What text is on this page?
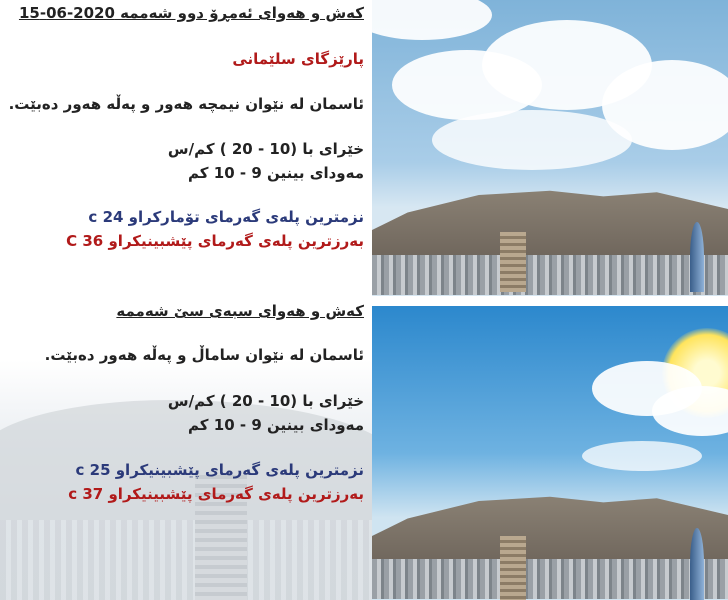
کەش و هەوای ئەمڕۆ دوو شەممە 2020-06-15
پارێزگای سلێمانی
ئاسمان لە نێوان نیمچە هەور و پەڵە هەور دەبێت.
خێرای با (10 - 20 ) کم/س
مەودای بینین 9 - 10 کم
نزمترین پلەی گەرمای تۆمارکراو 24 c
بەرزترین پلەی گەرمای پێشبینیکراو 36 C
کەش و هەوای سبەی سێ شەممە
ئاسمان لە نێوان ساماڵ و پەڵە هەور دەبێت.
خێرای با (10 - 20 ) کم/س
مەودای بینین 9 - 10 کم
نزمترین پلەی گەرمای پێشبینیکراو 25 c
بەرزترین پلەی گەرمای پێشبینیکراو 37 c
